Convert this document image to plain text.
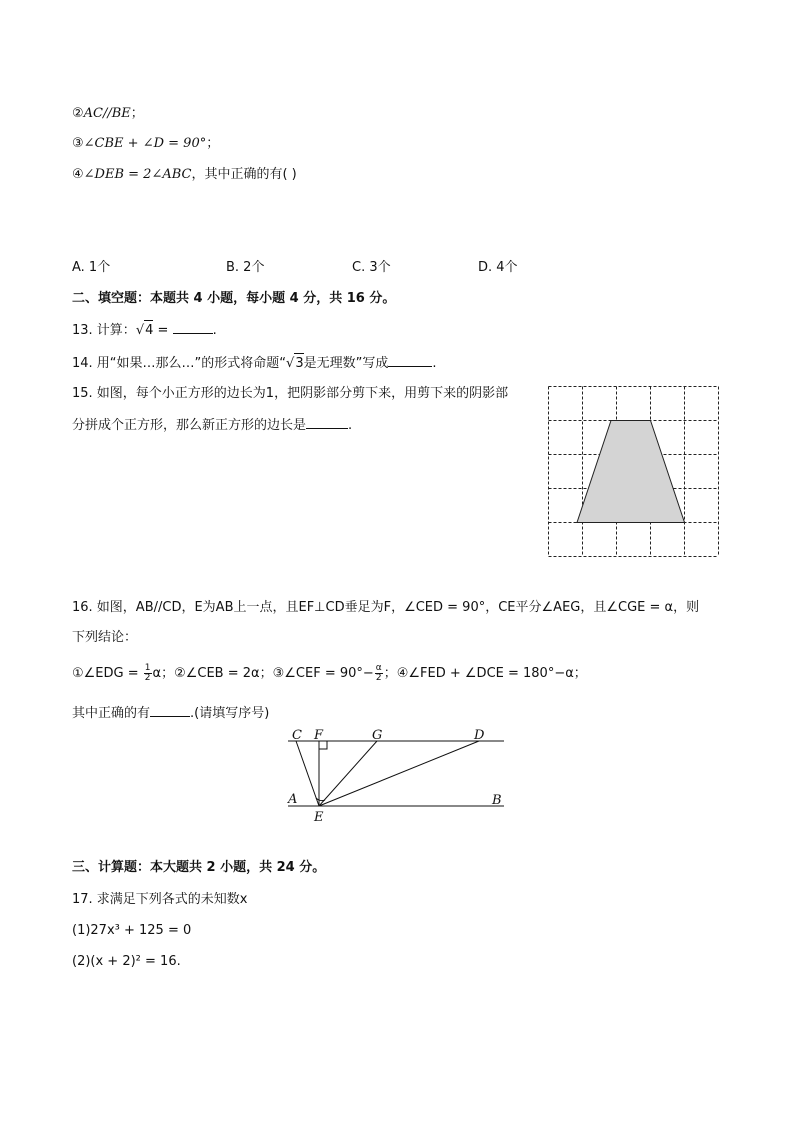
②AC//BE；
③∠CBE + ∠D = 90°；
④∠DEB = 2∠ABC，其中正确的有( )
A. 1个	B. 2个	C. 3个	D. 4个
二、填空题：本题共 4 小题，每小题 4 分，共 16 分。
13. 计算：√4 =	.
14. 用“如果…那么…”的形式将命题“√3是无理数”写成	.
15. 如图，每个小正方形的边长为1，把阴影部分剪下来，用剪下来的阴影部
分拼成个正方形，那么新正方形的边长是	.
16. 如图，AB//CD，E为AB上一点，且EF⊥CD垂足为F，∠CED = 90°，CE平分∠AEG，且∠CGE = α，则
下列结论：
①∠EDG = $\frac{1}{2}$ α；②∠CEB = 2α；③∠CEF = $90^\circ- \frac{\alpha}{2}$ ；④∠FED + ∠DCE = 180°−α；
其中正确的有	.(请填写序号)
C F	G	D
A	B
E
三、计算题：本大题共 2 小题，共 24 分。
17. 求满足下列各式的未知数x
(1)27x³ + 125 = 0
(2)(x + 2)² = 16.
